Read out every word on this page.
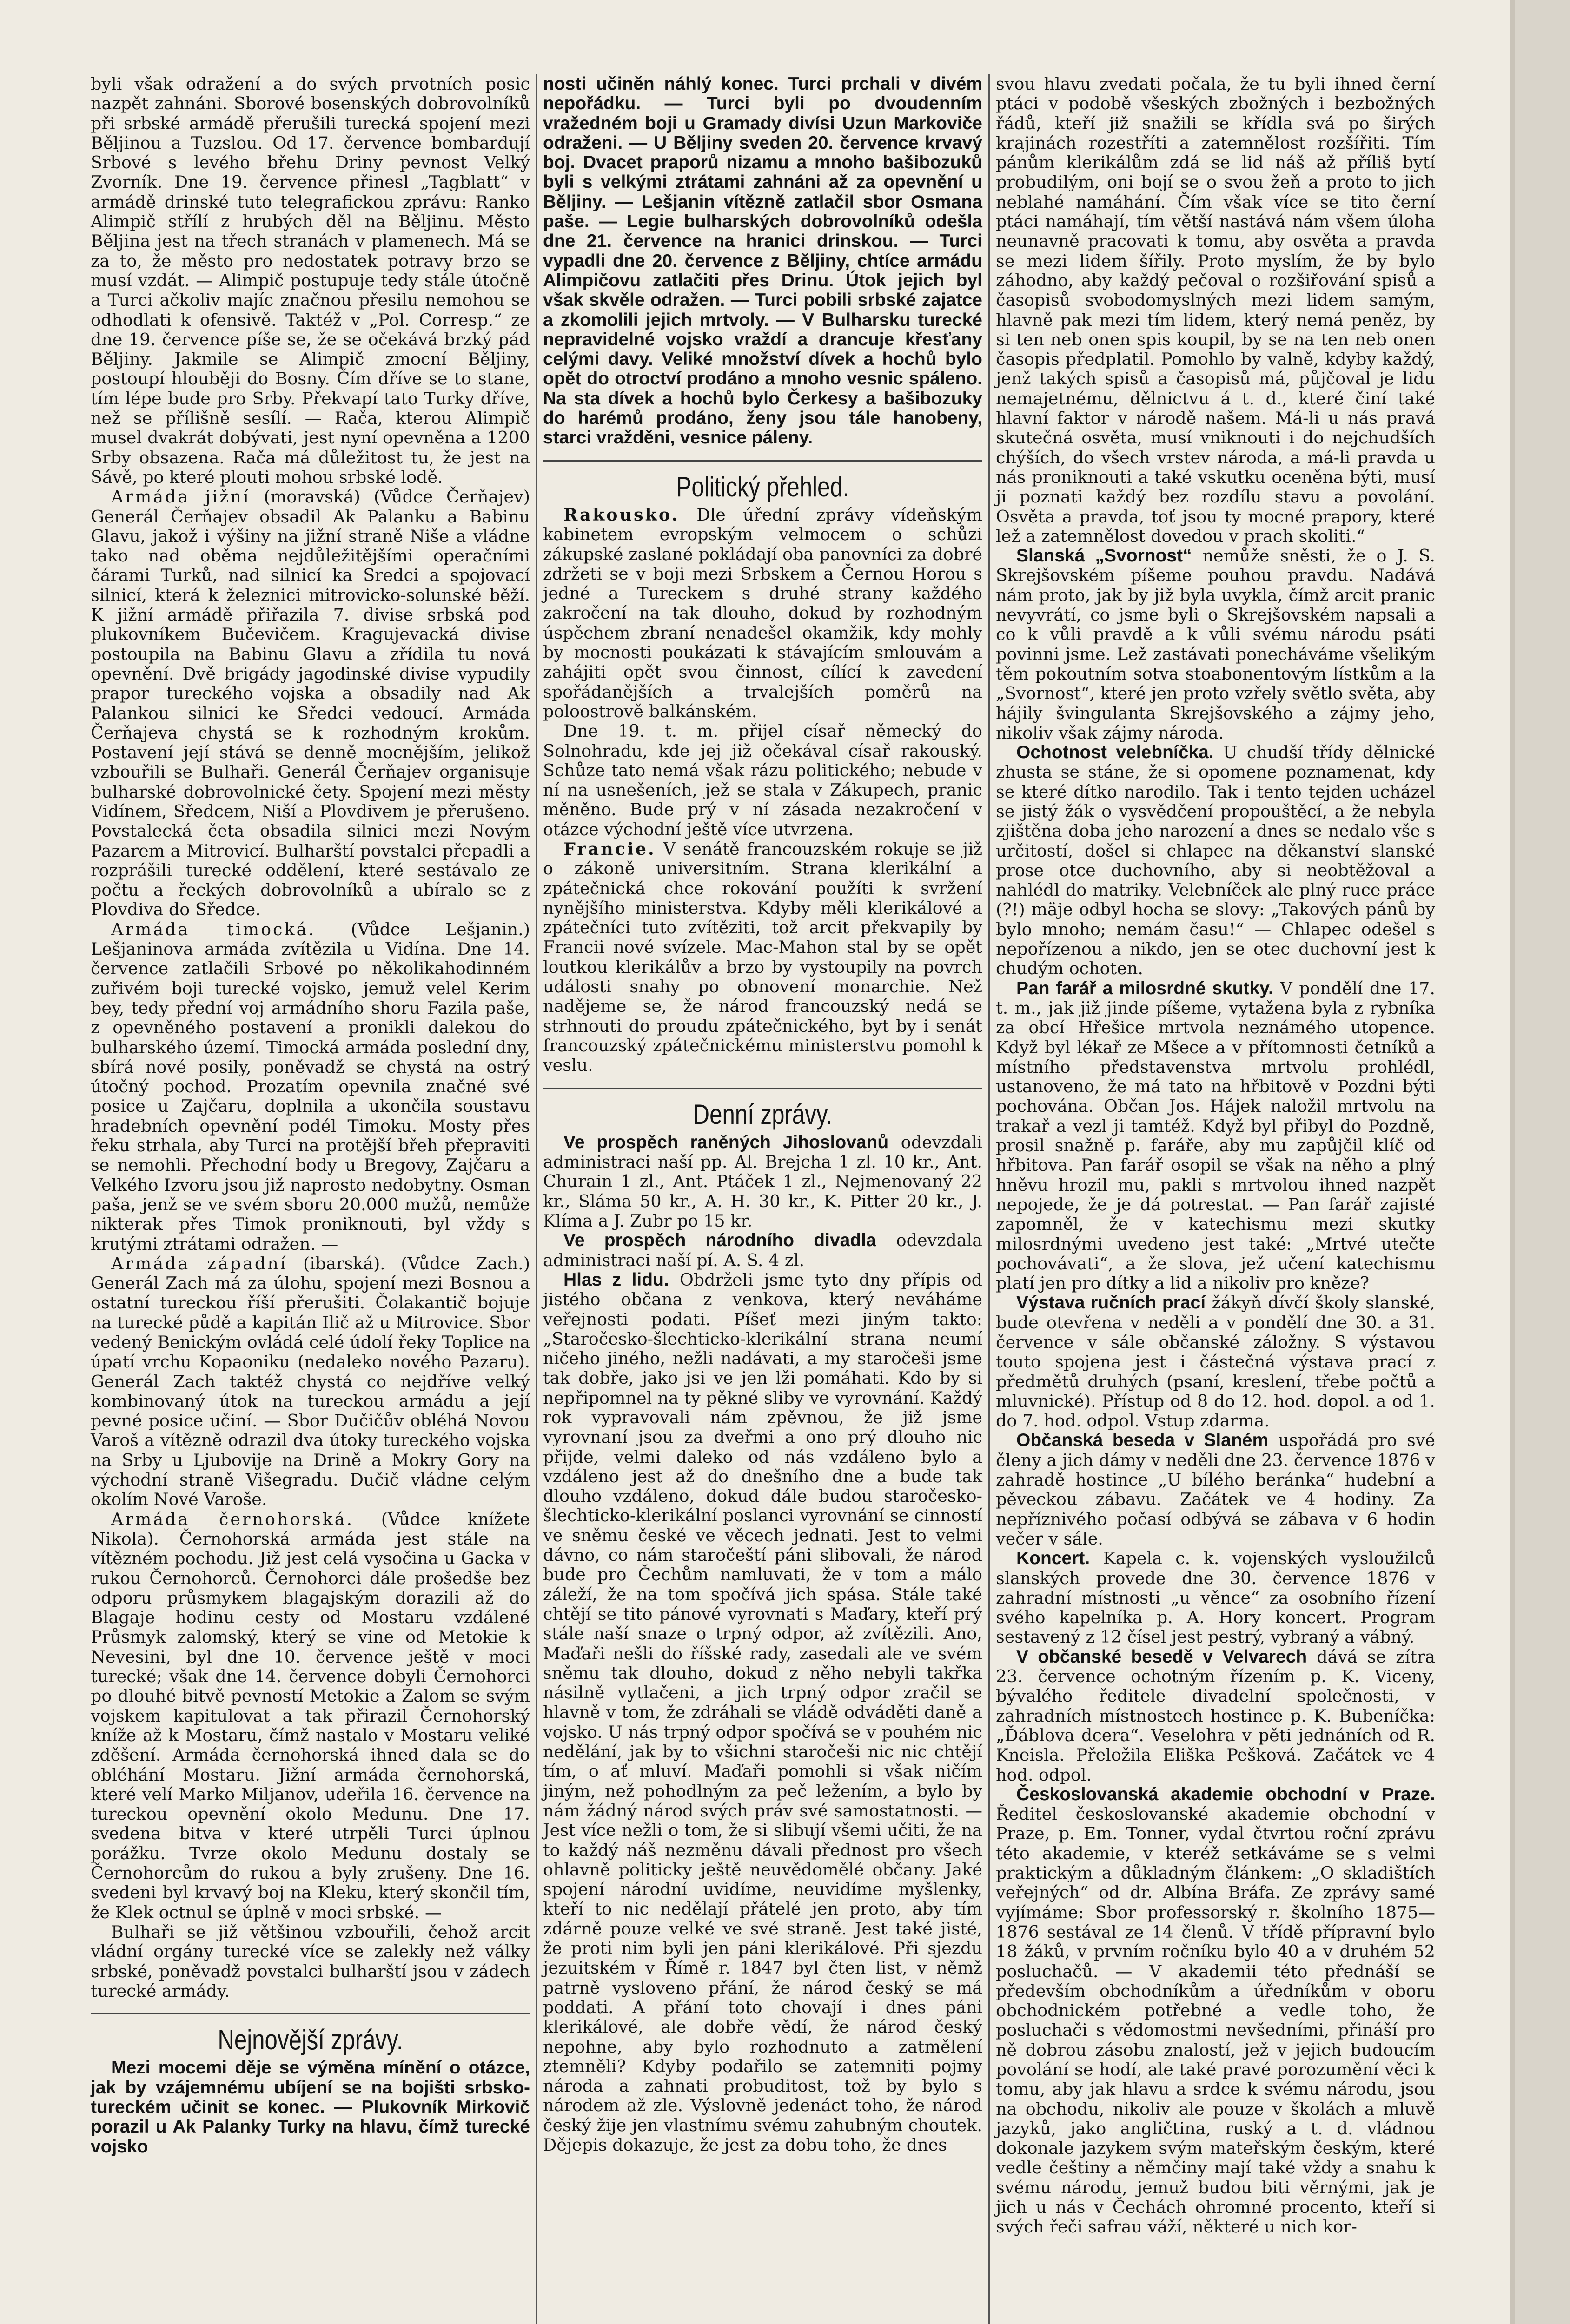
byli však odražení a do svých prvotních posic nazpět zahnáni. Sborové bosenských dobrovolníků při srbské armádě přerušili turecká spojení mezi Běljinou a Tuzslou. Od 17. července bombardují Srbové s levého břehu Driny pevnost Velký Zvorník. Dne 19. července přinesl „Tagblatt“ v armádě drinské tuto telegrafickou zprávu: Ranko Alimpič střílí z hrubých děl na Běljinu. Město Běljina jest na třech stranách v plamenech. Má se za to, že město pro nedostatek potravy brzo se musí vzdát. — Alimpič postupuje tedy stále útočně a Turci ačkoliv majíc značnou přesilu nemohou se odhodlati k ofensivě. Taktéž v „Pol. Corresp.“ ze dne 19. července píše se, že se očekává brzký pád Běljiny. Jakmile se Alimpič zmocní Běljiny, postoupí hlouběji do Bosny. Čím dříve se to stane, tím lépe bude pro Srby. Překvapí tato Turky dříve, než se přílišně sesílí. — Rača, kterou Alimpič musel dvakrát dobývati, jest nyní opevněna a 1200 Srby obsazena. Rača má důležitost tu, že jest na Sávě, po které plouti mohou srbské lodě.

Armáda jižní (moravská) (Vůdce Čerňajev) Generál Čerňajev obsadil Ak Palanku a Babinu Glavu, jakož i výšiny na jižní straně Niše a vládne tako nad oběma nejdůležitějšími operačními čárami Turků, nad silnicí ka Sredci a spojovací silnicí, která k železnici mitrovicko-solunské běží. K jižní armádě přiřazila 7. divise srbská pod plukovníkem Bučevičem. Kragujevacká divise postoupila na Babinu Glavu a zřídila tu nová opevnění. Dvě brigády jagodinské divise vypudily prapor tureckého vojska a obsadily nad Ak Palankou silnici ke Sředci vedoucí. Armáda Čerňajeva chystá se k rozhodným krokům. Postavení její stává se denně mocnějším, jelikož vzbouřili se Bulhaři. Generál Čerňajev organisuje bulharské dobrovolnické čety. Spojení mezi městy Vidínem, Sředcem, Niší a Plovdivem je přerušeno. Povstalecká četa obsadila silnici mezi Novým Pazarem a Mitrovicí. Bulharští povstalci přepadli a rozprášili turecké oddělení, které sestávalo ze počtu a řeckých dobrovolníků a ubíralo se z Plovdiva do Sředce.

Armáda timocká. (Vůdce Lešjanin.) Lešjaninova armáda zvítězila u Vidína. Dne 14. července zatlačili Srbové po několikahodinném zuřivém boji turecké vojsko, jemuž velel Kerim bey, tedy přední voj armádního shoru Fazila paše, z opevněného postavení a pronikli dalekou do bulharského území. Timocká armáda poslední dny, sbírá nové posily, poněvadž se chystá na ostrý útočný pochod. Prozatím opevnila značné své posice u Zajčaru, doplnila a ukončila soustavu hradebních opevnění podél Timoku. Mosty přes řeku strhala, aby Turci na protější břeh přepraviti se nemohli. Přechodní body u Bregovy, Zajčaru a Velkého Izvoru jsou již naprosto nedobytny. Osman paša, jenž se ve svém sboru 20.000 mužů, nemůže nikterak přes Timok proniknouti, byl vždy s krutými ztrátami odražen. —

Armáda západní (ibarská). (Vůdce Zach.) Generál Zach má za úlohu, spojení mezi Bosnou a ostatní tureckou říší přerušiti. Čolakantič bojuje na turecké půdě a kapitán Ilič až u Mitrovice. Sbor vedený Benickým ovládá celé údolí řeky Toplice na úpatí vrchu Kopaoniku (nedaleko nového Pazaru). Generál Zach taktéž chystá co nejdříve velký kombinovaný útok na tureckou armádu a její pevné posice učiní. — Sbor Dučičův obléhá Novou Varoš a vítězně odrazil dva útoky tureckého vojska na Srby u Ljubovije na Drině a Mokry Gory na východní straně Višegradu. Dučič vládne celým okolím Nové Varoše.

Armáda černohorská. (Vůdce knížete Nikola). Černohorská armáda jest stále na vítězném pochodu. Již jest celá vysočina u Gacka v rukou Černohorců. Černohorci dále prošedše bez odporu průsmykem blagajským dorazili až do Blagaje hodinu cesty od Mostaru vzdálené Průsmyk zalomský, který se vine od Metokie k Nevesini, byl dne 10. července ještě v moci turecké; však dne 14. července dobyli Černohorci po dlouhé bitvě pevností Metokie a Zalom se svým vojskem kapitulovat a tak přirazil Černohorský kníže až k Mostaru, čímž nastalo v Mostaru veliké zděšení. Armáda černohorská ihned dala se do obléhání Mostaru. Jižní armáda černohorská, které velí Marko Miljanov, udeřila 16. července na tureckou opevnění okolo Medunu. Dne 17. svedena bitva v které utrpěli Turci úplnou porážku. Tvrze okolo Medunu dostaly se Černohorcům do rukou a byly zrušeny. Dne 16. svedeni byl krvavý boj na Kleku, který skončil tím, že Klek octnul se úplně v moci srbské. —

Bulhaři se již většinou vzbouřili, čehož arcit vládní orgány turecké více se zalekly než války srbské, poněvadž povstalci bulharští jsou v zádech turecké armády.

Nejnovější zprávy.

Mezi mocemi děje se výměna mínění o otázce, jak by vzájemnému ubíjení se na bojišti srbsko-tureckém učinit se konec. — Plukovník Mirkovič porazil u Ak Palanky Turky na hlavu, čímž turecké vojsko

nosti učiněn náhlý konec. Turci prchali v divém nepořádku. — Turci byli po dvoudenním vražedném boji u Gramady divísi Uzun Markoviče odraženi. — U Běljiny sveden 20. července krvavý boj. Dvacet praporů nizamu a mnoho bašibozuků byli s velkými ztrátami zahnáni až za opevnění u Běljiny. — Lešjanin vítězně zatlačil sbor Osmana paše. — Legie bulharských dobrovolníků odešla dne 21. července na hranici drinskou. — Turci vypadli dne 20. července z Běljiny, chtíce armádu Alimpičovu zatlačiti přes Drinu. Útok jejich byl však skvěle odražen. — Turci pobili srbské zajatce a zkomolili jejich mrtvoly. — V Bulharsku turecké nepravidelné vojsko vraždí a drancuje křesťany celými davy. Veliké množství dívek a hochů bylo opět do otroctví prodáno a mnoho vesnic spáleno. Na sta dívek a hochů bylo Čerkesy a bašibozuky do harémů prodáno, ženy jsou tále hanobeny, starci vražděni, vesnice páleny.

Politický přehled.

Rakousko. Dle úřední zprávy vídeňským kabinetem evropským velmocem o schůzi zákupské zaslané pokládají oba panovníci za dobré zdržeti se v boji mezi Srbskem a Černou Horou s jedné a Tureckem s druhé strany každého zakročení na tak dlouho, dokud by rozhodným úspěchem zbraní nenadešel okamžik, kdy mohly by mocnosti poukázati k stávajícím smlouvám a zahájiti opět svou činnost, cílící k zavedení spořádanějších a trvalejších poměrů na poloostrově balkánském.

Dne 19. t. m. přijel císař německý do Solnohradu, kde jej již očekával císař rakouský. Schůze tato nemá však rázu politického; nebude v ní na usnešeních, jež se stala v Zákupech, pranic měněno. Bude prý v ní zásada nezakročení v otázce východní ještě více utvrzena.

Francie. V senátě francouzském rokuje se již o zákoně universitním. Strana klerikální a zpátečnická chce rokování použíti k svržení nynějšího ministerstva. Kdyby měli klerikálové a zpátečníci tuto zvítěziti, tož arcit překvapily by Francii nové svízele. Mac-Mahon stal by se opět loutkou klerikálův a brzo by vystoupily na povrch události snahy po obnovení monarchie. Než nadějeme se, že národ francouzský nedá se strhnouti do proudu zpátečnického, byt by i senát francouzský zpátečnickému ministerstvu pomohl k veslu.

Denní zprávy.

Ve prospěch raněných Jihoslovanů odevzdali administraci naší pp. Al. Brejcha 1 zl. 10 kr., Ant. Churain 1 zl., Ant. Ptáček 1 zl., Nejmenovaný 22 kr., Sláma 50 kr., A. H. 30 kr., K. Pitter 20 kr., J. Klíma a J. Zubr po 15 kr.

Ve prospěch národního divadla odevzdala administraci naší pí. A. S. 4 zl.

Hlas z lidu. Obdrželi jsme tyto dny přípis od jistého občana z venkova, který neváháme veřejnosti podati. Píšeť mezi jiným takto: „Staročesko-šlechticko-klerikální strana neumí ničeho jiného, nežli nadávati, a my staročeši jsme tak dobře, jako jsi ve jen lži pomáhati. Kdo by si nepřipomnel na ty pěkné sliby ve vyrovnání. Každý rok vypravovali nám zpěvnou, že již jsme vyrovnaní jsou za dveřmi a ono prý dlouho nic přijde, velmi daleko od nás vzdáleno bylo a vzdáleno jest až do dnešního dne a bude tak dlouho vzdáleno, dokud dále budou staročesko-šlechticko-klerikální poslanci vyrovnání se cinností ve sněmu české ve věcech jednati. Jest to velmi dávno, co nám staročeští páni slibovali, že národ bude pro Čechům namluvati, že v tom a málo záleží, že na tom spočívá jich spása. Stále také chtějí se tito pánové vyrovnati s Maďary, kteří prý stále naší snaze o trpný odpor, až zvítězili. Ano, Maďaři nešli do říšské rady, zasedali ale ve svém sněmu tak dlouho, dokud z něho nebyli takřka násilně vytlačeni, a jich trpný odpor zračil se hlavně v tom, že zdráhali se vládě odváděti daně a vojsko. U nás trpný odpor spočívá se v pouhém nic nedělání, jak by to všichni staročeši nic nic chtějí tím, o ať mluví. Maďaři pomohli si však ničím jiným, než pohodlným za peč ležením, a bylo by nám žádný národ svých práv své samostatnosti. — Jest více nežli o tom, že si slibují všemi učiti, že na to každý náš nezměnu dávali přednost pro všech ohlavně politicky ještě neuvědomělé občany. Jaké spojení národní uvidíme, neuvidíme myšlenky, kteří to nic nedělají přátelé jen proto, aby tím zdárně pouze velké ve své straně. Jest také jisté, že proti nim byli jen páni klerikálové. Při sjezdu jezuitském v Římě r. 1847 byl čten list, v němž patrně vysloveno přání, že národ český se má poddati. A přání toto chovají i dnes páni klerikálové, ale dobře vědí, že národ český nepohne, aby bylo rozhodnuto a zatmělení ztemněli? Kdyby podařilo se zatemniti pojmy národa a zahnati probuditost, tož by bylo s národem až zle. Výslovně jedenáct toho, že národ český žije jen vlastnímu svému zahubným choutek. Dějepis dokazuje, že jest za dobu toho, že dnes

svou hlavu zvedati počala, že tu byli ihned černí ptáci v podobě všeských zbožných i bezbožných řádů, kteří již snažili se křídla svá po širých krajinách rozestříti a zatemnělost rozšířiti. Tím pánům klerikálům zdá se lid náš až příliš bytí probudilým, oni bojí se o svou žeň a proto to jich neblahé namáhání. Čím však více se tito černí ptáci namáhají, tím větší nastává nám všem úloha neunavně pracovati k tomu, aby osvěta a pravda se mezi lidem šířily. Proto myslím, že by bylo záhodno, aby každý pečoval o rozšiřování spisů a časopisů svobodomyslných mezi lidem samým, hlavně pak mezi tím lidem, který nemá peněz, by si ten neb onen spis koupil, by se na ten neb onen časopis předplatil. Pomohlo by valně, kdyby každý, jenž takých spisů a časopisů má, půjčoval je lidu nemajetnému, dělnictvu á t. d., které činí také hlavní faktor v národě našem. Má-li u nás pravá skutečná osvěta, musí vniknouti i do nejchudších chýších, do všech vrstev národa, a má-li pravda u nás proniknouti a také vskutku oceněna býti, musí ji poznati každý bez rozdílu stavu a povolání. Osvěta a pravda, toť jsou ty mocné prapory, které lež a zatemnělost dovedou v prach skoliti.“

Slanská „Svornost“ nemůže sněsti, že o J. S. Skrejšovském píšeme pouhou pravdu. Nadává nám proto, jak by již byla uvykla, čímž arcit pranic nevyvrátí, co jsme byli o Skrejšovském napsali a co k vůli pravdě a k vůli svému národu psáti povinni jsme. Lež zastávati ponecháváme všelikým těm pokoutním sotva stoabonentovým lístkům a la „Svornost“, které jen proto vzřely světlo světa, aby hájily švingulanta Skrejšovského a zájmy jeho, nikoliv však zájmy národa.

Ochotnost velebníčka. U chudší třídy dělnické zhusta se stáne, že si opomene poznamenat, kdy se které dítko narodilo. Tak i tento tejden ucházel se jistý žák o vysvědčení propouštěcí, a že nebyla zjištěna doba jeho narození a dnes se nedalo vše s určitostí, došel si chlapec na děkanství slanské prose otce duchovního, aby si neobtěžoval a nahlédl do matriky. Velebníček ale plný ruce práce (?!) mäje odbyl hocha se slovy: „Takových pánů by bylo mnoho; nemám času!“ — Chlapec odešel s nepořízenou a nikdo, jen se otec duchovní jest k chudým ochoten.

Pan farář a milosrdné skutky. V pondělí dne 17. t. m., jak již jinde píšeme, vytažena byla z rybníka za obcí Hřešice mrtvola neznámého utopence. Když byl lékař ze Mšece a v přítomnosti četníků a místního představenstva mrtvolu prohlédl, ustanoveno, že má tato na hřbitově v Pozdni býti pochována. Občan Jos. Hájek naložil mrtvolu na trakař a vezl ji tamtéž. Když byl přibyl do Pozdně, prosil snažně p. faráře, aby mu zapůjčil klíč od hřbitova. Pan farář osopil se však na něho a plný hněvu hrozil mu, pakli s mrtvolou ihned nazpět nepojede, že je dá potrestat. — Pan farář zajisté zapomněl, že v katechismu mezi skutky milosrdnými uvedeno jest také: „Mrtvé utečte pochovávati“, a že slova, jež učení katechismu platí jen pro dítky a lid a nikoliv pro kněze?

Výstava ručních prací žákyň dívčí školy slanské, bude otevřena v neděli a v pondělí dne 30. a 31. července v sále občanské záložny. S výstavou touto spojena jest i částečná výstava prací z předmětů druhých (psaní, kreslení, třebe počtů a mluvnické). Přístup od 8 do 12. hod. dopol. a od 1. do 7. hod. odpol. Vstup zdarma.

Občanská beseda v Slaném uspořádá pro své členy a jich dámy v neděli dne 23. července 1876 v zahradě hostince „U bílého beránka“ hudební a pěveckou zábavu. Začátek ve 4 hodiny. Za nepříznivého počasí odbývá se zábava v 6 hodin večer v sále.

Koncert. Kapela c. k. vojenských vysloužilců slanských provede dne 30. července 1876 v zahradní místnosti „u věnce“ za osobního řízení svého kapelníka p. A. Hory koncert. Program sestavený z 12 čísel jest pestrý, vybraný a vábný.

V občanské besedě v Velvarech dává se zítra 23. července ochotným řízením p. K. Viceny, bývalého ředitele divadelní společnosti, v zahradních místnostech hostince p. K. Bubeníčka: „Ďáblova dcera“. Veselohra v pěti jednáních od R. Kneisla. Přeložila Eliška Pešková. Začátek ve 4 hod. odpol.

Českoslovanská akademie obchodní v Praze. Ředitel českoslovanské akademie obchodní v Praze, p. Em. Tonner, vydal čtvrtou roční zprávu této akademie, v kteréž setkáváme se s velmi praktickým a důkladným článkem: „O skladištích veřejných“ od dr. Albína Bráfa. Ze zprávy samé vyjímáme: Sbor professorský r. školního 1875—1876 sestával ze 14 členů. V třídě přípravní bylo 18 žáků, v prvním ročníku bylo 40 a v druhém 52 posluchačů. — V akademii této přednáší se především obchodníkům a úředníkům v oboru obchodnickém potřebné a vedle toho, že posluchači s vědomostmi nevšedními, přináší pro ně dobrou zásobu znalostí, jež v jejich budoucím povolání se hodí, ale také pravé porozumění věci k tomu, aby jak hlavu a srdce k svému národu, jsou na obchodu, nikoliv ale pouze v školách a mluvě jazyků, jako angličtina, ruský a t. d. vládnou dokonale jazykem svým mateřským českým, které vedle češtiny a němčiny mají také vždy a snahu k svému národu, jemuž budou biti věrnými, jak je jich u nás v Čechách ohromné procento, kteří si svých řeči safrau váží, některé u nich kor-
